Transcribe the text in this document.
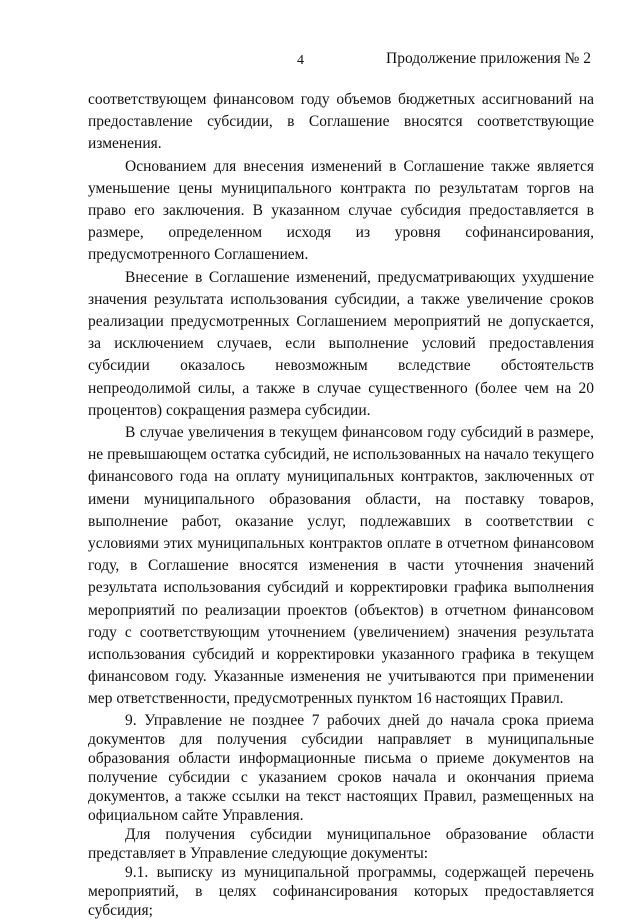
4	Продолжение приложения № 2

соответствующем финансовом году объемов бюджетных ассигнований на предоставление субсидии, в Соглашение вносятся соответствующие изменения.

Основанием для внесения изменений в Соглашение также является уменьшение цены муниципального контракта по результатам торгов на право его заключения. В указанном случае субсидия предоставляется в размере, определенном исходя из уровня софинансирования, предусмотренного Соглашением.

Внесение в Соглашение изменений, предусматривающих ухудшение значения результата использования субсидии, а также увеличение сроков реализации предусмотренных Соглашением мероприятий не допускается, за исключением случаев, если выполнение условий предоставления субсидии оказалось невозможным вследствие обстоятельств непреодолимой силы, а также в случае существенного (более чем на 20 процентов) сокращения размера субсидии.

В случае увеличения в текущем финансовом году субсидий в размере, не превышающем остатка субсидий, не использованных на начало текущего финансового года на оплату муниципальных контрактов, заключенных от имени муниципального образования области, на поставку товаров, выполнение работ, оказание услуг, подлежавших в соответствии с условиями этих муниципальных контрактов оплате в отчетном финансовом году, в Соглашение вносятся изменения в части уточнения значений результата использования субсидий и корректировки графика выполнения мероприятий по реализации проектов (объектов) в отчетном финансовом году с соответствующим уточнением (увеличением) значения результата использования субсидий и корректировки указанного графика в текущем финансовом году. Указанные изменения не учитываются при применении мер ответственности, предусмотренных пунктом 16 настоящих Правил.

9. Управление не позднее 7 рабочих дней до начала срока приема документов для получения субсидии направляет в муниципальные образования области информационные письма о приеме документов на получение субсидии с указанием сроков начала и окончания приема документов, а также ссылки на текст настоящих Правил, размещенных на официальном сайте Управления.

Для получения субсидии муниципальное образование области представляет в Управление следующие документы:

9.1. выписку из муниципальной программы, содержащей перечень мероприятий, в целях софинансирования которых предоставляется субсидия;
